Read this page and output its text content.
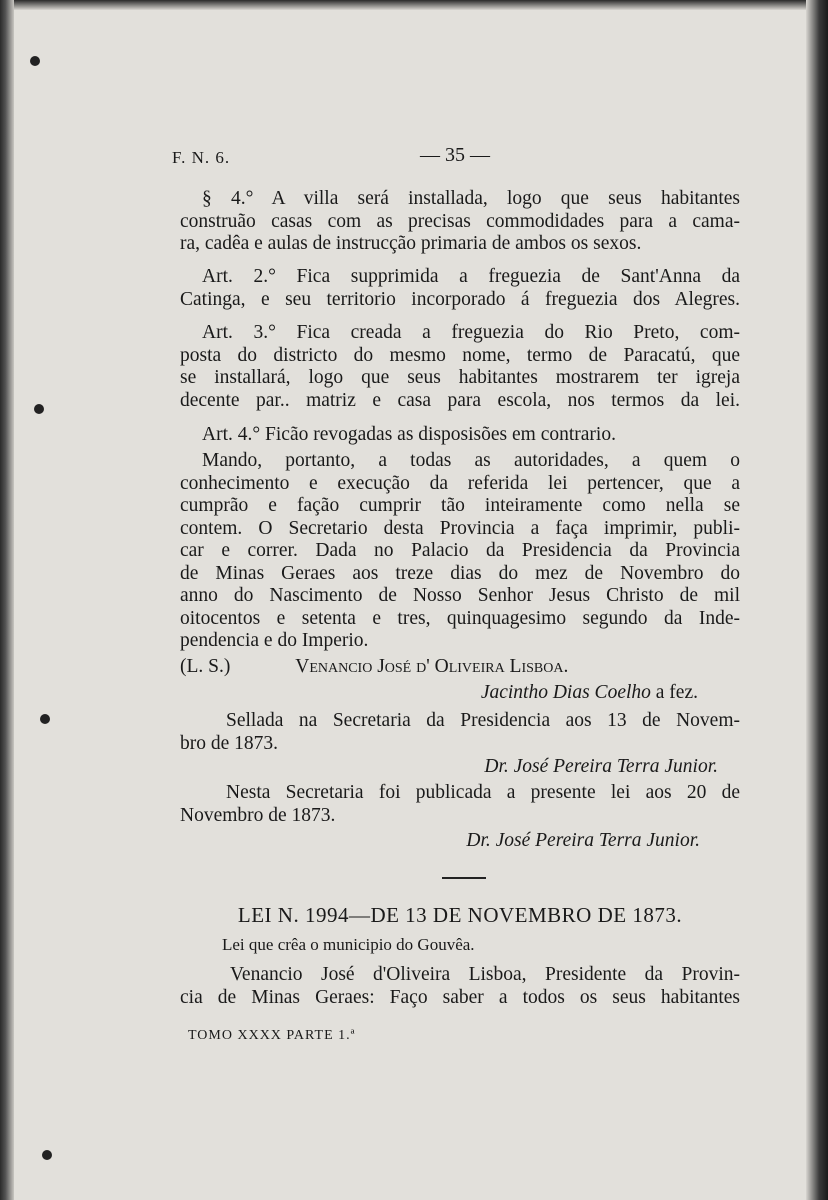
F. N. 6.	— 35 —
§ 4.° A villa será installada, logo que seus habitantes
construão casas com as precisas commodidades para a cama-
ra, cadêa e aulas de instrucção primaria de ambos os sexos.
Art. 2.° Fica supprimida a freguezia de Sant'Anna da
Catinga, e seu territorio incorporado á freguezia dos Alegres.
Art. 3.° Fica creada a freguezia do Rio Preto, com-
posta do districto do mesmo nome, termo de Paracatú, que
se installará, logo que seus habitantes mostrarem ter igreja
decente par.. matriz e casa para escola, nos termos da lei.
Art. 4.° Ficão revogadas as disposisões em contrario.
Mando, portanto, a todas as autoridades, a quem o
conhecimento e execução da referida lei pertencer, que a
cumprão e fação cumprir tão inteiramente como nella se
contem. O Secretario desta Provincia a faça imprimir, publi-
car e correr. Dada no Palacio da Presidencia da Provincia
de Minas Geraes aos treze dias do mez de Novembro do
anno do Nascimento de Nosso Senhor Jesus Christo de mil
oitocentos e setenta e tres, quinquagesimo segundo da Inde-
pendencia e do Imperio.
(L. S.)	Venancio José d' Oliveira Lisboa.
Jacintho Dias Coelho a fez.
Sellada na Secretaria da Presidencia aos 13 de Novem-
bro de 1873.
Dr. José Pereira Terra Junior.
Nesta Secretaria foi publicada a presente lei aos 20 de
Novembro de 1873.
Dr. José Pereira Terra Junior.
LEI N. 1994—DE 13 DE NOVEMBRO DE 1873.
Lei que crêa o municipio do Gouvêa.
Venancio José d'Oliveira Lisboa, Presidente da Provin-
cia de Minas Geraes: Faço saber a todos os seus habitantes
TOMO XXXX PARTE 1.ª
